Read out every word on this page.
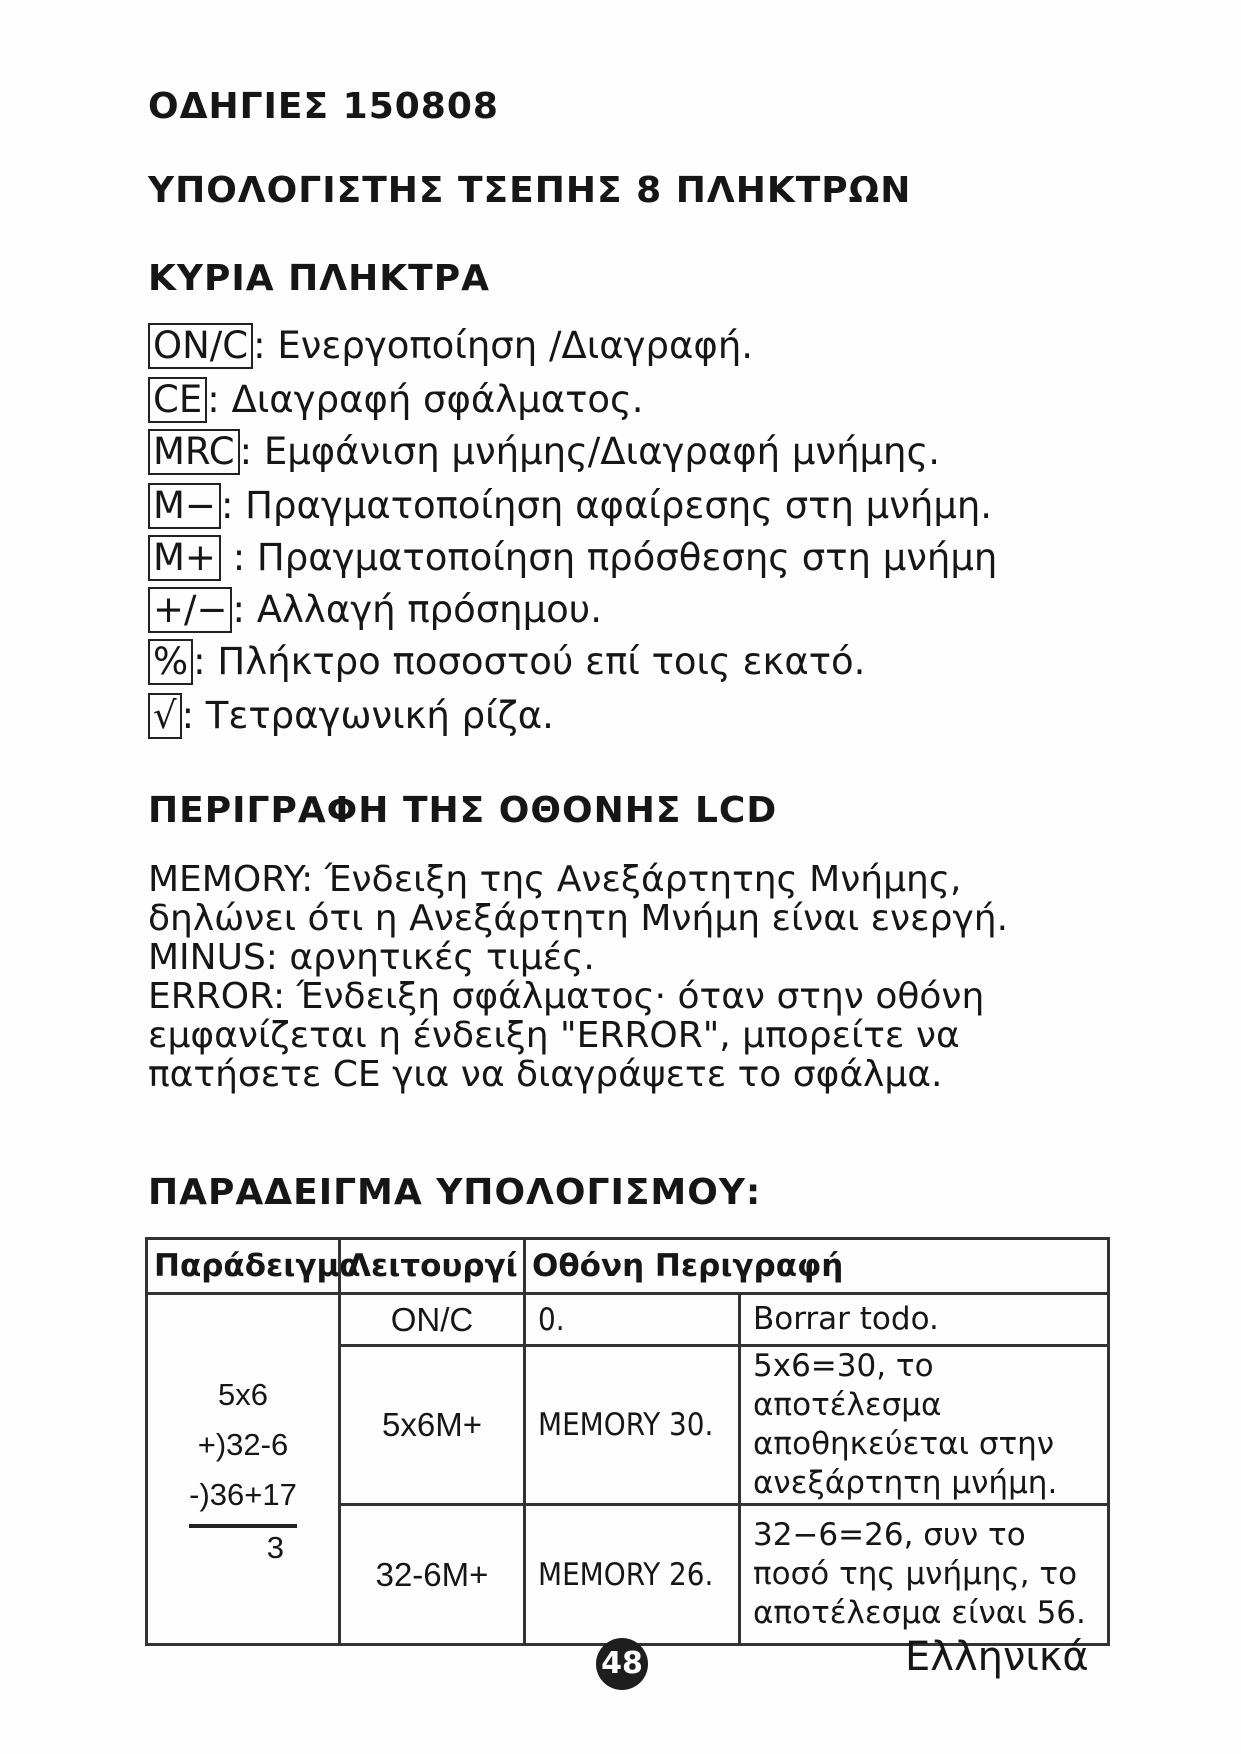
ΟΔΗΓΙΕΣ 150808
ΥΠΟΛΟΓΙΣΤΗΣ ΤΣΕΠΗΣ 8 ΠΛΗΚΤΡΩΝ
ΚΥΡΙΑ ΠΛΗΚΤΡΑ
ON/C : Ενεργοποίηση /Διαγραφή.
CE : Διαγραφή σφάλματος.
MRC : Εμφάνιση μνήμης/Διαγραφή μνήμης.
M− : Πραγματοποίηση αφαίρεσης στη μνήμη.
M+ : Πραγματοποίηση πρόσθεσης στη μνήμη
+/− : Αλλαγή πρόσημου.
% : Πλήκτρο ποσοστού επί τοις εκατό.
√ : Τετραγωνική ρίζα.
ΠΕΡΙΓΡΑΦΗ ΤΗΣ ΟΘΟΝΗΣ LCD
MEMORY: Ένδειξη της Ανεξάρτητης Μνήμης,
δηλώνει ότι η Ανεξάρτητη Μνήμη είναι ενεργή.
MINUS: αρνητικές τιμές.
ERROR: Ένδειξη σφάλματος· όταν στην οθόνη
εμφανίζεται η ένδειξη "ERROR", μπορείτε να
πατήσετε CE για να διαγράψετε το σφάλμα.
ΠΑΡΑΔΕΙΓΜΑ ΥΠΟΛΟΓΙΣΜΟΥ:
Παράδειγμα	Λειτουργί	Οθόνη Περιγραφή	

5x6
+)32-6
-)36+17
3	ON/C	0.	Borrar todo.
	5x6M+	MEMORY 30.	5x6=30, το αποτέλεσμα αποθηκεύεται στην ανεξάρτητη μνήμη.
	32-6M+	MEMORY 26.	32−6=26, συν το ποσό της μνήμης, το αποτέλεσμα είναι 56.
48	Ελληνικά
